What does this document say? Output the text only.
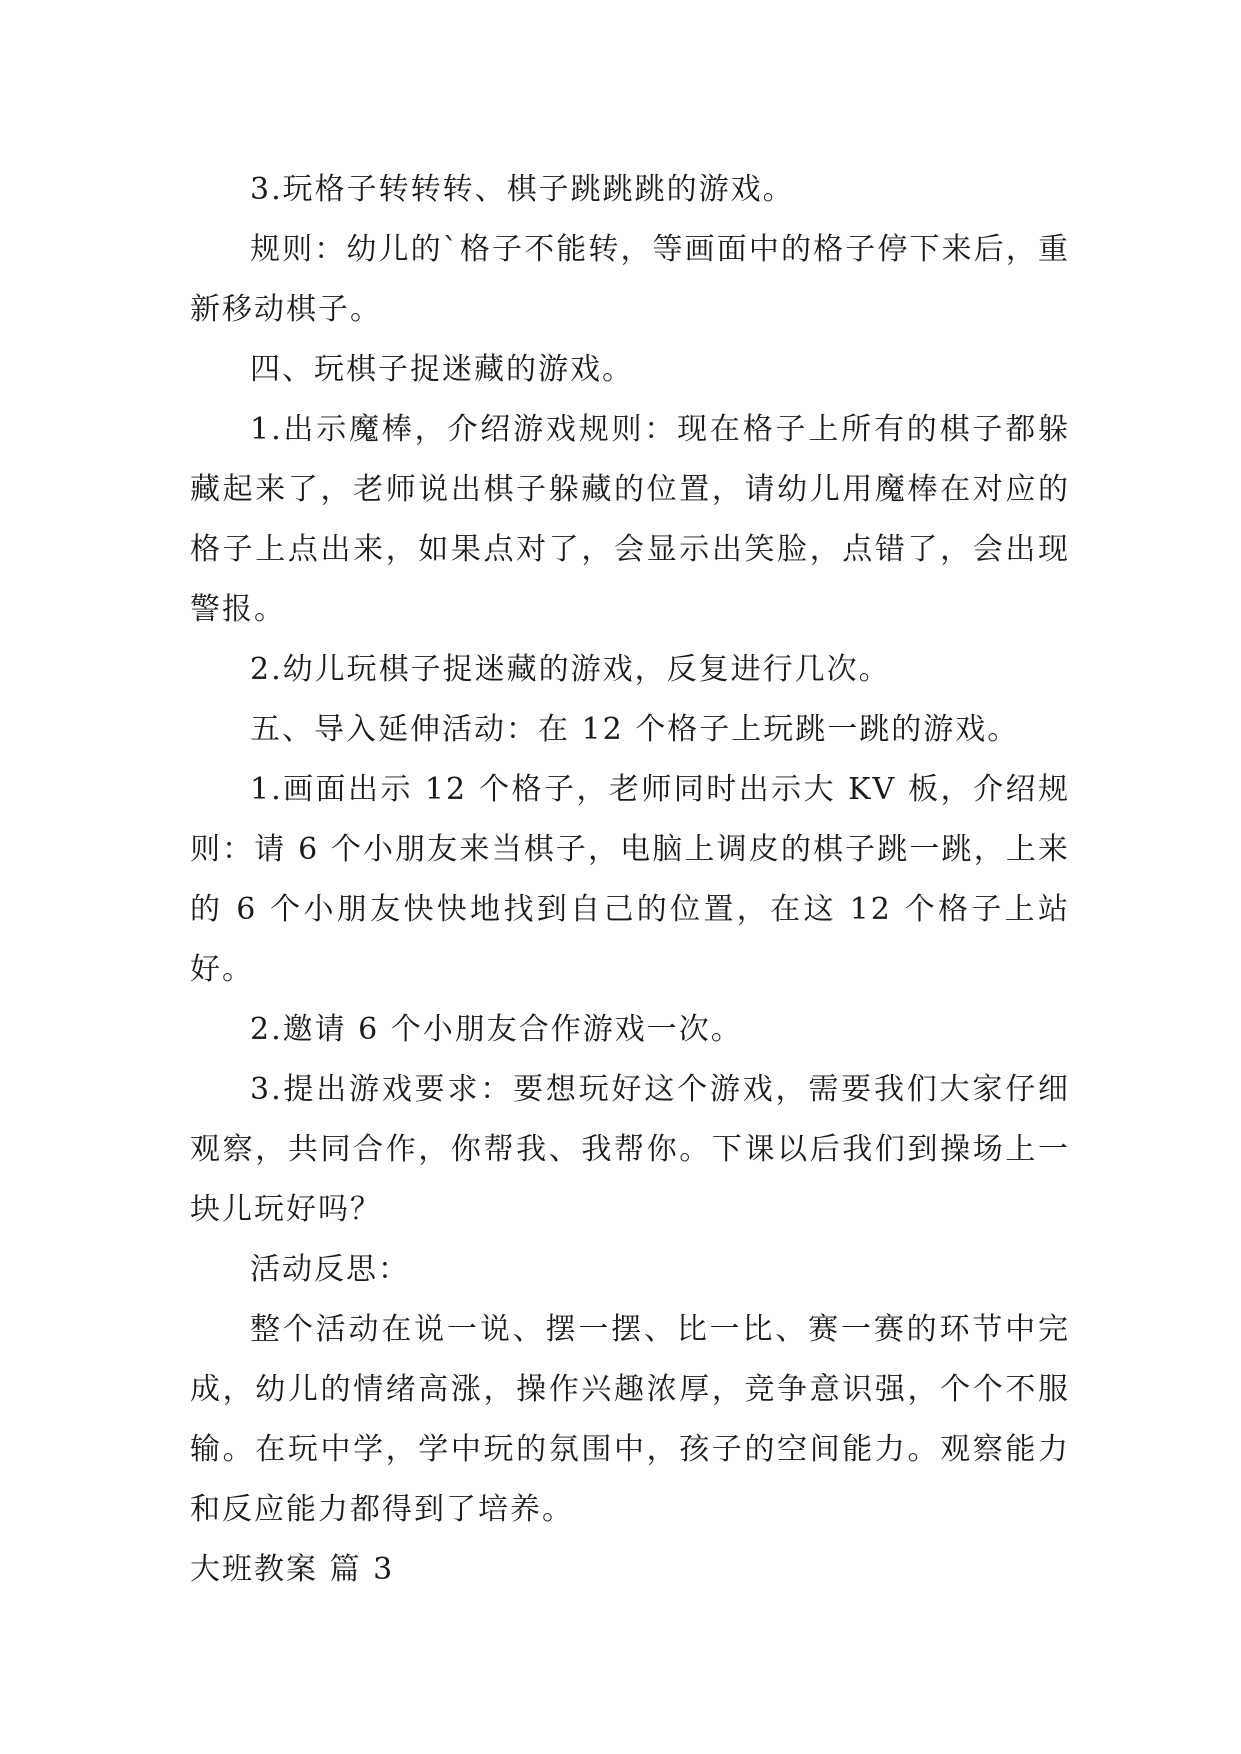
3.玩格子转转转、棋子跳跳跳的游戏。

规则：幼儿的`格子不能转，等画面中的格子停下来后，重新移动棋子。

四、玩棋子捉迷藏的游戏。

1.出示魔棒，介绍游戏规则：现在格子上所有的棋子都躲藏起来了，老师说出棋子躲藏的位置，请幼儿用魔棒在对应的格子上点出来，如果点对了，会显示出笑脸，点错了，会出现警报。

2.幼儿玩棋子捉迷藏的游戏，反复进行几次。

五、导入延伸活动：在 12 个格子上玩跳一跳的游戏。

1.画面出示 12 个格子，老师同时出示大 KV 板，介绍规则：请 6 个小朋友来当棋子，电脑上调皮的棋子跳一跳，上来的 6 个小朋友快快地找到自己的位置，在这 12 个格子上站好。

2.邀请 6 个小朋友合作游戏一次。

3.提出游戏要求：要想玩好这个游戏，需要我们大家仔细观察，共同合作，你帮我、我帮你。下课以后我们到操场上一块儿玩好吗？

活动反思：

整个活动在说一说、摆一摆、比一比、赛一赛的环节中完成，幼儿的情绪高涨，操作兴趣浓厚，竞争意识强，个个不服输。在玩中学，学中玩的氛围中，孩子的空间能力。观察能力和反应能力都得到了培养。

大班教案 篇 3
